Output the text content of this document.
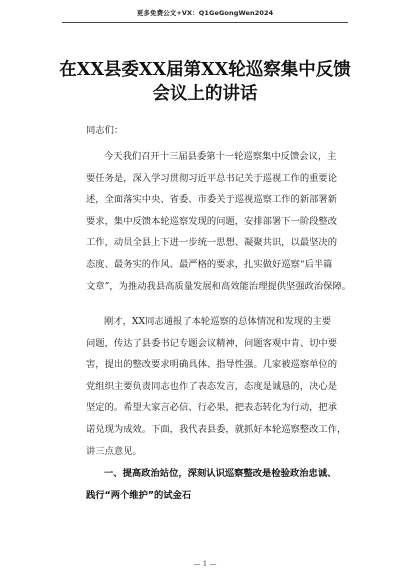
更多免费公文+VX：Q1GeGongWen2024
在XX县委XX届第XX轮巡察集中反馈
会议上的讲话
同志们：
今天我们召开十三届县委第十一轮巡察集中反馈会议，主
要任务是，深入学习贯彻习近平总书记关于巡视工作的重要论
述，全面落实中央、省委、市委关于巡视巡察工作的新部署新
要求，集中反馈本轮巡察发现的问题，安排部署下一阶段整改
工作，动员全县上下进一步统一思想、凝聚共识，以最坚决的
态度、最务实的作风、最严格的要求，扎实做好巡察“后半篇
文章”，为推动我县高质量发展和高效能治理提供坚强政治保障。
刚才，XX同志通报了本轮巡察的总体情况和发现的主要
问题，传达了县委书记专题会议精神，问题客观中肯、切中要
害，提出的整改要求明确具体、指导性强。几家被巡察单位的
党组织主要负责同志也作了表态发言，态度是诚恳的，决心是
坚定的。希望大家言必信、行必果，把表态转化为行动，把承
诺兑现为成效。下面，我代表县委，就抓好本轮巡察整改工作，
讲三点意见。
一、提高政治站位，深刻认识巡察整改是检验政治忠诚、
践行“两个维护”的试金石
— 1 —
